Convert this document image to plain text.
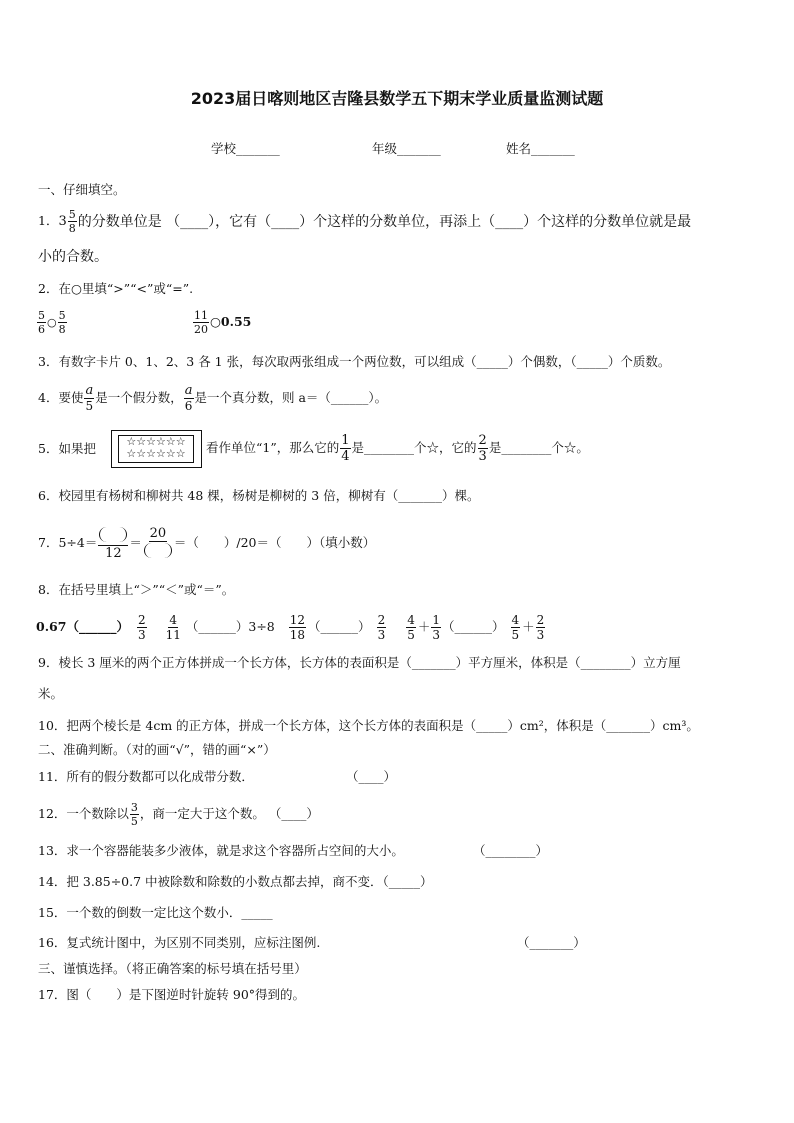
2023届日喀则地区吉隆县数学五下期末学业质量监测试题
学校_______	年级_______	姓名_______
一、仔细填空。
1． $3 \frac{5}{8}$ 的分数单位是 （____），它有（____）个这样的分数单位，再添上（____）个这样的分数单位就是最
小的合数。
2．在○里填“>”“<”或“=”.
$\frac{5}{6}$ ○ $\frac{5}{8}$	$\frac{11}{20}$ ○0.55
3．有数字卡片 0、1、2、3 各 1 张，每次取两张组成一个两位数，可以组成（_____）个偶数，（_____）个质数。
4．要使 $\frac{a}{5}$ 是一个假分数， $\frac{a}{6}$ 是一个真分数，则 a＝（______）。
5．如果把	☆☆☆☆☆☆
☆☆☆☆☆☆	看作单位“1”，那么它的 $\frac{1}{4}$ 是________个☆，它的 $\frac{2}{3}$ 是________个☆。
6．校园里有杨树和柳树共 48 棵，杨树是柳树的 3 倍，柳树有（_______）棵。
7．5÷4＝
12
＝
20
＝（　　）/20＝（　　）（填小数）
8．在括号里填上“＞”“＜”或“＝”。
0.67（______） $\frac{2}{3} \frac{4}{11}$ （______）3÷8 $\frac{12}{18}$ （______） $\frac{2}{3} \frac{4}{5} + \frac{1}{3}$ （______） $\frac{4}{5} + \frac{2}{3}$
9．棱长 3 厘米的两个正方体拼成一个长方体，长方体的表面积是（_______）平方厘米，体积是（________）立方厘
米。
10．把两个棱长是 4cm 的正方体，拼成一个长方体，这个长方体的表面积是（_____）cm²，体积是（_______）cm³。
二、准确判断。（对的画“√”，错的画“×”）
11．所有的假分数都可以化成带分数．	（____）
12．一个数除以 $\frac{3}{5}$ ，商一定大于这个数。 （____）
13．求一个容器能装多少液体，就是求这个容器所占空间的大小。	（________）
14．把 3.85÷0.7 中被除数和除数的小数点都去掉，商不变．（_____）
15．一个数的倒数一定比这个数小．_____
16．复式统计图中，为区别不同类别，应标注图例.	（_______）
三、谨慎选择。（将正确答案的标号填在括号里）
17．图（　　）是下图逆时针旋转 90°得到的。
